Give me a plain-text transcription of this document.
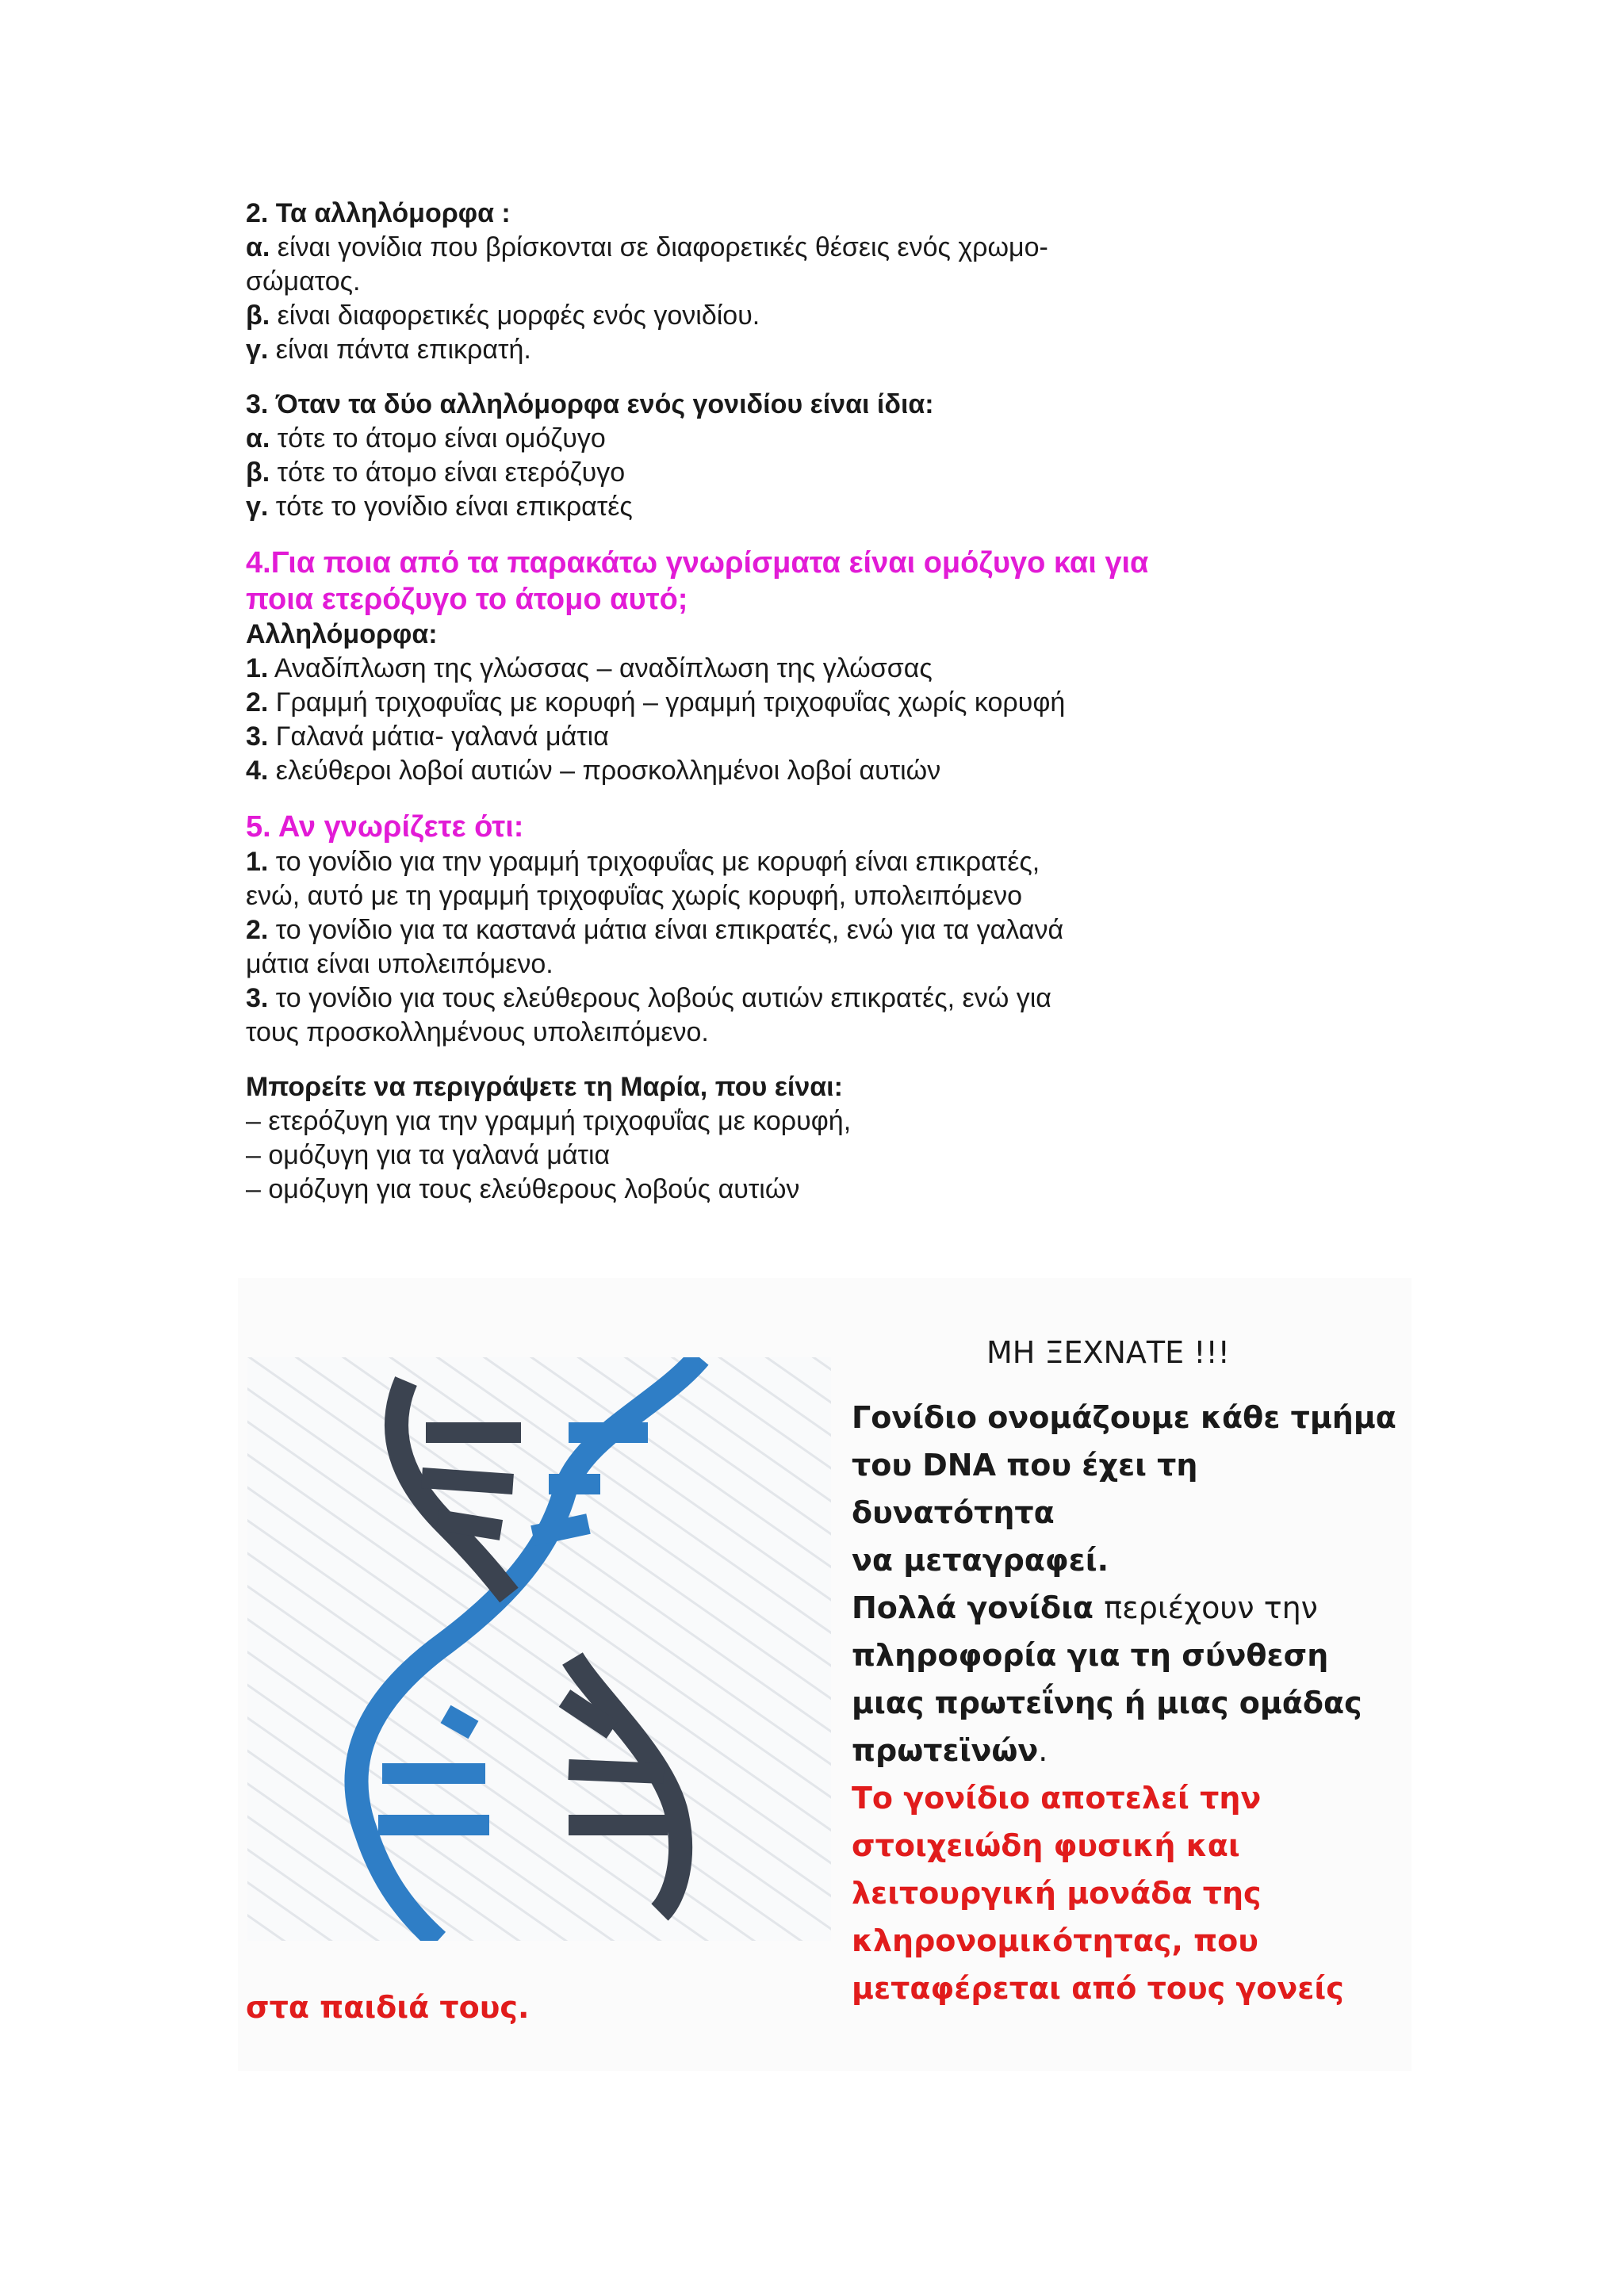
2. Τα αλληλόμορφα :
α. είναι γονίδια που βρίσκονται σε διαφορετικές θέσεις ενός χρωμο-
σώματος.
β. είναι διαφορετικές μορφές ενός γονιδίου.
γ. είναι πάντα επικρατή.
3. Όταν τα δύο αλληλόμορφα ενός γονιδίου είναι ίδια:
α. τότε το άτομο είναι ομόζυγο
β. τότε το άτομο είναι ετερόζυγο
γ. τότε το γονίδιο είναι επικρατές
4.Για ποια από τα παρακάτω γνωρίσματα είναι ομόζυγο και για
ποια ετερόζυγο το άτομο αυτό;
Αλληλόμορφα:
1. Αναδίπλωση της γλώσσας – αναδίπλωση της γλώσσας
2. Γραμμή τριχοφυΐας με κορυφή – γραμμή τριχοφυΐας χωρίς κορυφή
3. Γαλανά μάτια- γαλανά μάτια
4. ελεύθεροι λοβοί αυτιών – προσκολλημένοι λοβοί αυτιών
5. Αν γνωρίζετε ότι:
1. το γονίδιο για την γραμμή τριχοφυΐας με κορυφή είναι επικρατές,
ενώ, αυτό με τη γραμμή τριχοφυΐας χωρίς κορυφή, υπολειπόμενο
2. το γονίδιο για τα καστανά μάτια είναι επικρατές, ενώ για τα γαλανά
μάτια είναι υπολειπόμενο.
3. το γονίδιο για τους ελεύθερους λοβούς αυτιών επικρατές, ενώ για
τους προσκολλημένους υπολειπόμενο.
Μπορείτε να περιγράψετε τη Μαρία, που είναι:
– ετερόζυγη για την γραμμή τριχοφυΐας με κορυφή,
– ομόζυγη για τα γαλανά μάτια
– ομόζυγη για τους ελεύθερους λοβούς αυτιών
ΜΗ ΞΕΧΝΑΤΕ !!!
Γονίδιο ονομάζουμε κάθε τμήμα
του DNA που έχει τη δυνατότητα
να μεταγραφεί.
Πολλά γονίδια περιέχουν την
πληροφορία για τη σύνθεση
μιας πρωτεΐνης ή μιας ομάδας
πρωτεϊνών.
Το γονίδιο αποτελεί την
στοιχειώδη φυσική και
λειτουργική μονάδα της
κληρονομικότητας, που
μεταφέρεται από τους γονείς
στα παιδιά τους.
